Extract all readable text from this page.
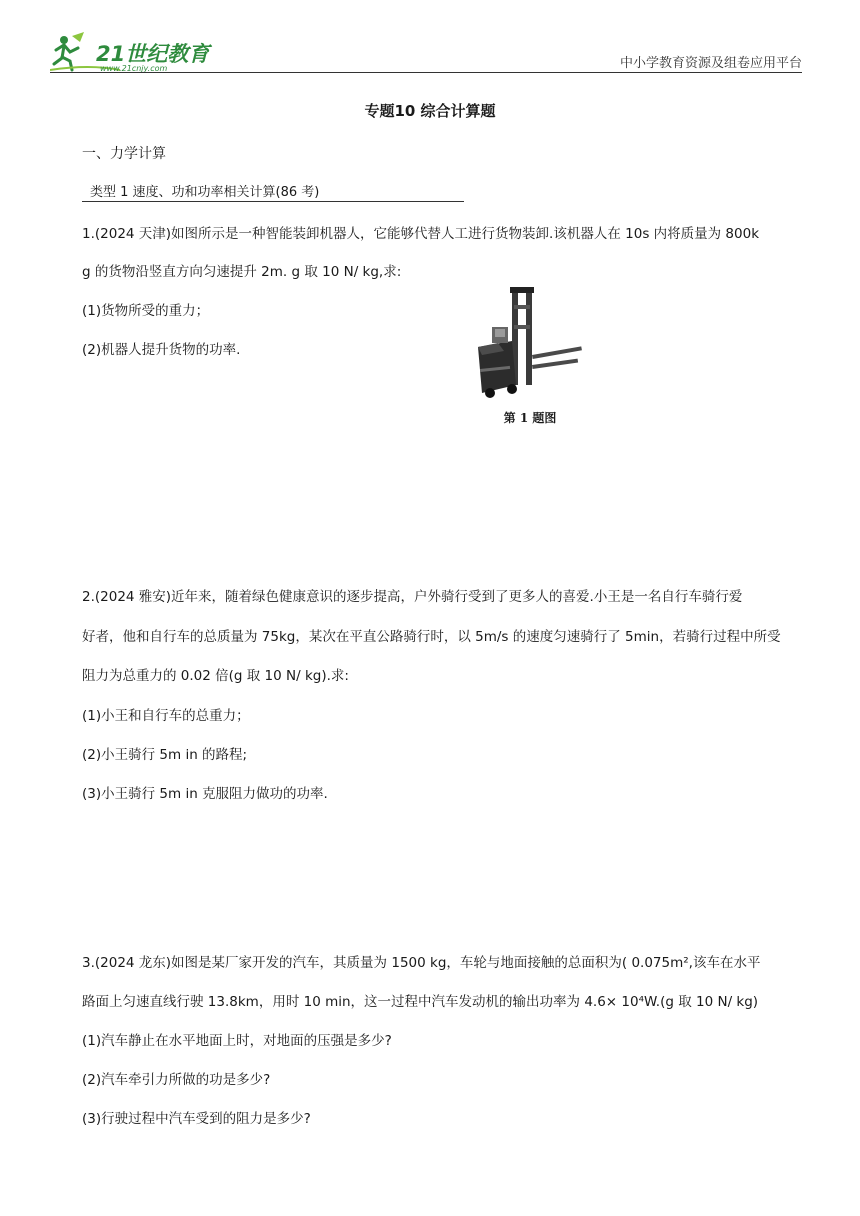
21世纪教育
www.21cnjy.com	中小学教育资源及组卷应用平台
专题10 综合计算题
一、力学计算
类型 1 速度、功和功率相关计算(86 考)
1.(2024 天津)如图所示是一种智能装卸机器人，它能够代替人工进行货物装卸.该机器人在 10s 内将质量为 800k
g 的货物沿竖直方向匀速提升 2m. g 取 10 N/ kg,求:
(1)货物所受的重力；
(2)机器人提升货物的功率.
第 1 题图
2.(2024 雅安)近年来，随着绿色健康意识的逐步提高，户外骑行受到了更多人的喜爱.小王是一名自行车骑行爱
好者，他和自行车的总质量为 75kg，某次在平直公路骑行时，以 5m/s 的速度匀速骑行了 5min，若骑行过程中所受
阻力为总重力的 0.02 倍(g 取 10 N/ kg).求:
(1)小王和自行车的总重力；
(2)小王骑行 5m in 的路程;
(3)小王骑行 5m in 克服阻力做功的功率.
3.(2024 龙东)如图是某厂家开发的汽车，其质量为 1500 kg，车轮与地面接触的总面积为( 0.075m²,该车在水平
路面上匀速直线行驶 13.8km，用时 10 min，这一过程中汽车发动机的输出功率为 4.6× 10⁴W.(g 取 10 N/ kg)
(1)汽车静止在水平地面上时，对地面的压强是多少?
(2)汽车牵引力所做的功是多少?
(3)行驶过程中汽车受到的阻力是多少?
